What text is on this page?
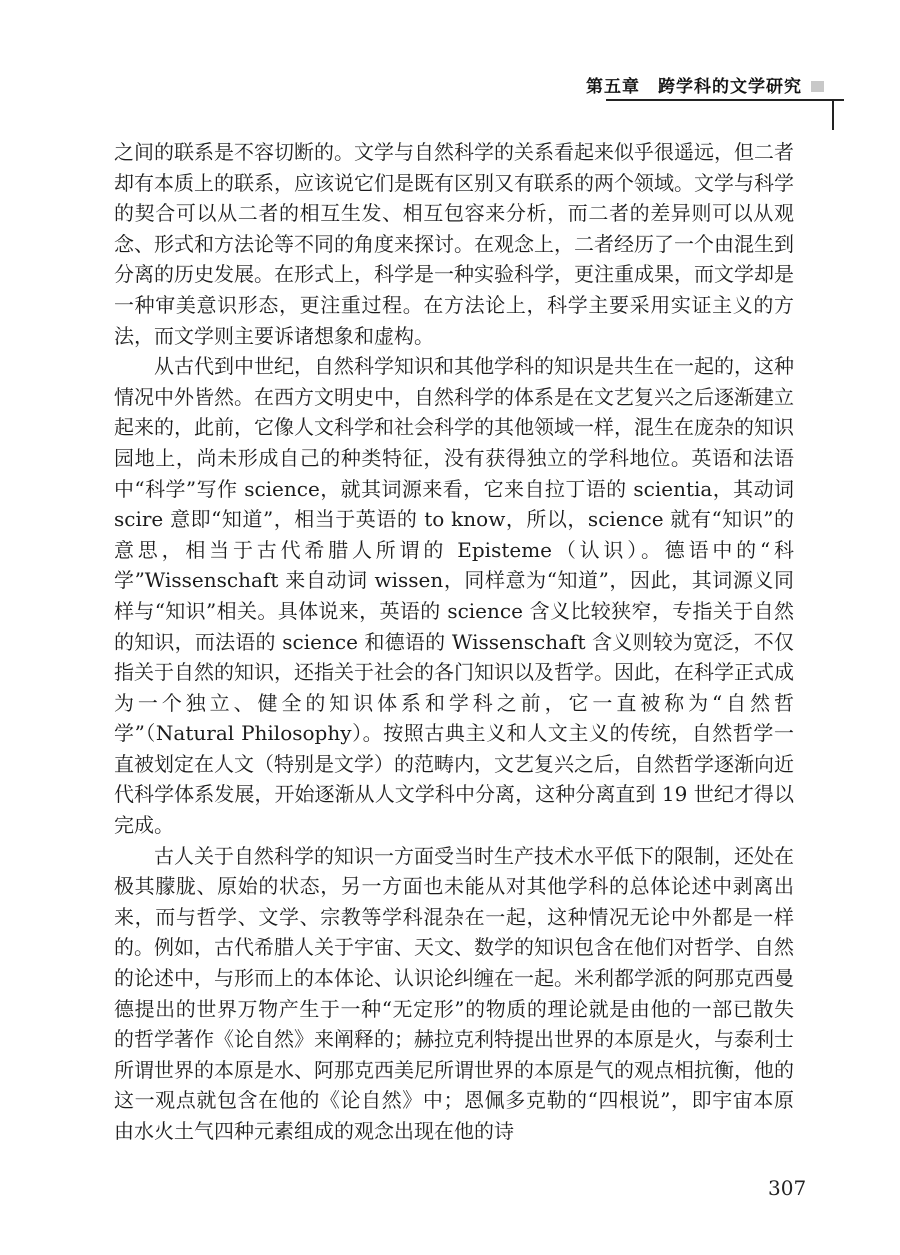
第五章　跨学科的文学研究

之间的联系是不容切断的。文学与自然科学的关系看起来似乎很遥远，但二者却有本质上的联系，应该说它们是既有区别又有联系的两个领域。文学与科学的契合可以从二者的相互生发、相互包容来分析，而二者的差异则可以从观念、形式和方法论等不同的角度来探讨。在观念上，二者经历了一个由混生到分离的历史发展。在形式上，科学是一种实验科学，更注重成果，而文学却是一种审美意识形态，更注重过程。在方法论上，科学主要采用实证主义的方法，而文学则主要诉诸想象和虚构。

从古代到中世纪，自然科学知识和其他学科的知识是共生在一起的，这种情况中外皆然。在西方文明史中，自然科学的体系是在文艺复兴之后逐渐建立起来的，此前，它像人文科学和社会科学的其他领域一样，混生在庞杂的知识园地上，尚未形成自己的种类特征，没有获得独立的学科地位。英语和法语中“科学”写作 science，就其词源来看，它来自拉丁语的 scientia，其动词 scire 意即“知道”，相当于英语的 to know，所以，science 就有“知识”的意思，相当于古代希腊人所谓的 Episteme（认识）。德语中的“科学”Wissenschaft 来自动词 wissen，同样意为“知道”，因此，其词源义同样与“知识”相关。具体说来，英语的 science 含义比较狭窄，专指关于自然的知识，而法语的 science 和德语的 Wissenschaft 含义则较为宽泛，不仅指关于自然的知识，还指关于社会的各门知识以及哲学。因此，在科学正式成为一个独立、健全的知识体系和学科之前，它一直被称为“自然哲学”（Natural Philosophy）。按照古典主义和人文主义的传统，自然哲学一直被划定在人文（特别是文学）的范畴内，文艺复兴之后，自然哲学逐渐向近代科学体系发展，开始逐渐从人文学科中分离，这种分离直到 19 世纪才得以完成。

古人关于自然科学的知识一方面受当时生产技术水平低下的限制，还处在极其朦胧、原始的状态，另一方面也未能从对其他学科的总体论述中剥离出来，而与哲学、文学、宗教等学科混杂在一起，这种情况无论中外都是一样的。例如，古代希腊人关于宇宙、天文、数学的知识包含在他们对哲学、自然的论述中，与形而上的本体论、认识论纠缠在一起。米利都学派的阿那克西曼德提出的世界万物产生于一种“无定形”的物质的理论就是由他的一部已散失的哲学著作《论自然》来阐释的；赫拉克利特提出世界的本原是火，与泰利士所谓世界的本原是水、阿那克西美尼所谓世界的本原是气的观点相抗衡，他的这一观点就包含在他的《论自然》中；恩佩多克勒的“四根说”，即宇宙本原由水火土气四种元素组成的观念出现在他的诗

307
